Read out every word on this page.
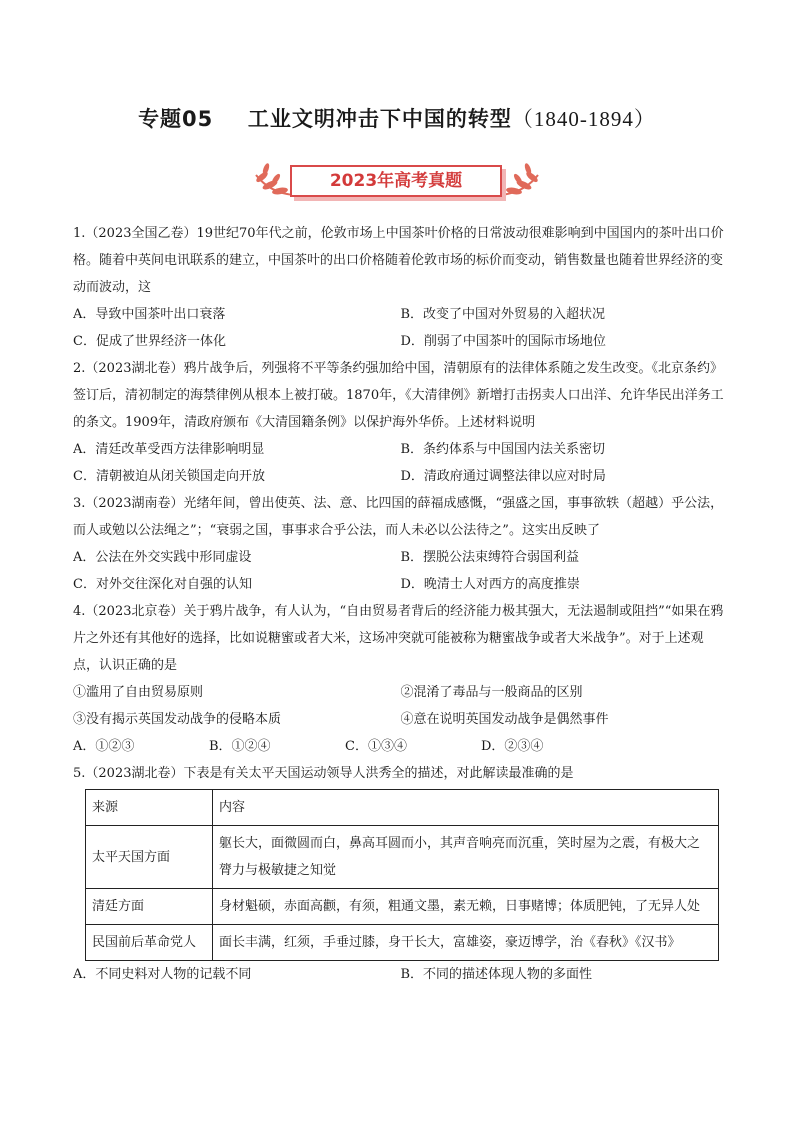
专题05 工业文明冲击下中国的转型（1840-1894）
2023年高考真题

1.（2023全国乙卷）19世纪70年代之前，伦敦市场上中国茶叶价格的日常波动很难影响到中国国内的茶叶出口价格。随着中英间电讯联系的建立，中国茶叶的出口价格随着伦敦市场的标价而变动，销售数量也随着世界经济的变动而波动，这

A．导致中国茶叶出口衰落	B．改变了中国对外贸易的入超状况
C．促成了世界经济一体化	D．削弱了中国茶叶的国际市场地位

2.（2023湖北卷）鸦片战争后，列强将不平等条约强加给中国，清朝原有的法律体系随之发生改变。《北京条约》签订后，清初制定的海禁律例从根本上被打破。1870年，《大清律例》新增打击拐卖人口出洋、允许华民出洋务工的条文。1909年，清政府颁布《大清国籍条例》以保护海外华侨。上述材料说明

A．清廷改革受西方法律影响明显	B．条约体系与中国国内法关系密切
C．清朝被迫从闭关锁国走向开放	D．清政府通过调整法律以应对时局

3.（2023湖南卷）光绪年间，曾出使英、法、意、比四国的薛福成感慨，“强盛之国，事事欲轶（超越）乎公法，而人或勉以公法绳之”；“衰弱之国，事事求合乎公法，而人未必以公法待之”。这实出反映了

A．公法在外交实践中形同虚设	B．摆脱公法束缚符合弱国利益
C．对外交往深化对自强的认知	D．晚清士人对西方的高度推崇

4.（2023北京卷）关于鸦片战争，有人认为，“自由贸易者背后的经济能力极其强大，无法遏制或阻挡”“如果在鸦片之外还有其他好的选择，比如说糖蜜或者大米，这场冲突就可能被称为糖蜜战争或者大米战争”。对于上述观点，认识正确的是

①滥用了自由贸易原则	②混淆了毒品与一般商品的区别
③没有揭示英国发动战争的侵略本质	④意在说明英国发动战争是偶然事件
A．①②③	B．①②④	C．①③④	D．②③④

5.（2023湖北卷）下表是有关太平天国运动领导人洪秀全的描述，对此解读最准确的是

来源	内容
太平天国方面	躯长大，面微圆而白，鼻高耳圆而小，其声音响亮而沉重，笑时屋为之震，有极大之膂力与极敏捷之知觉
清廷方面	身材魁硕，赤面高颧，有须，粗通文墨，素无赖，日事赌博；体质肥钝，了无异人处
民国前后革命党人	面长丰满，红须，手垂过膝，身干长大，富雄姿，豪迈博学，治《春秋》《汉书》
A．不同史料对人物的记载不同	B．不同的描述体现人物的多面性
